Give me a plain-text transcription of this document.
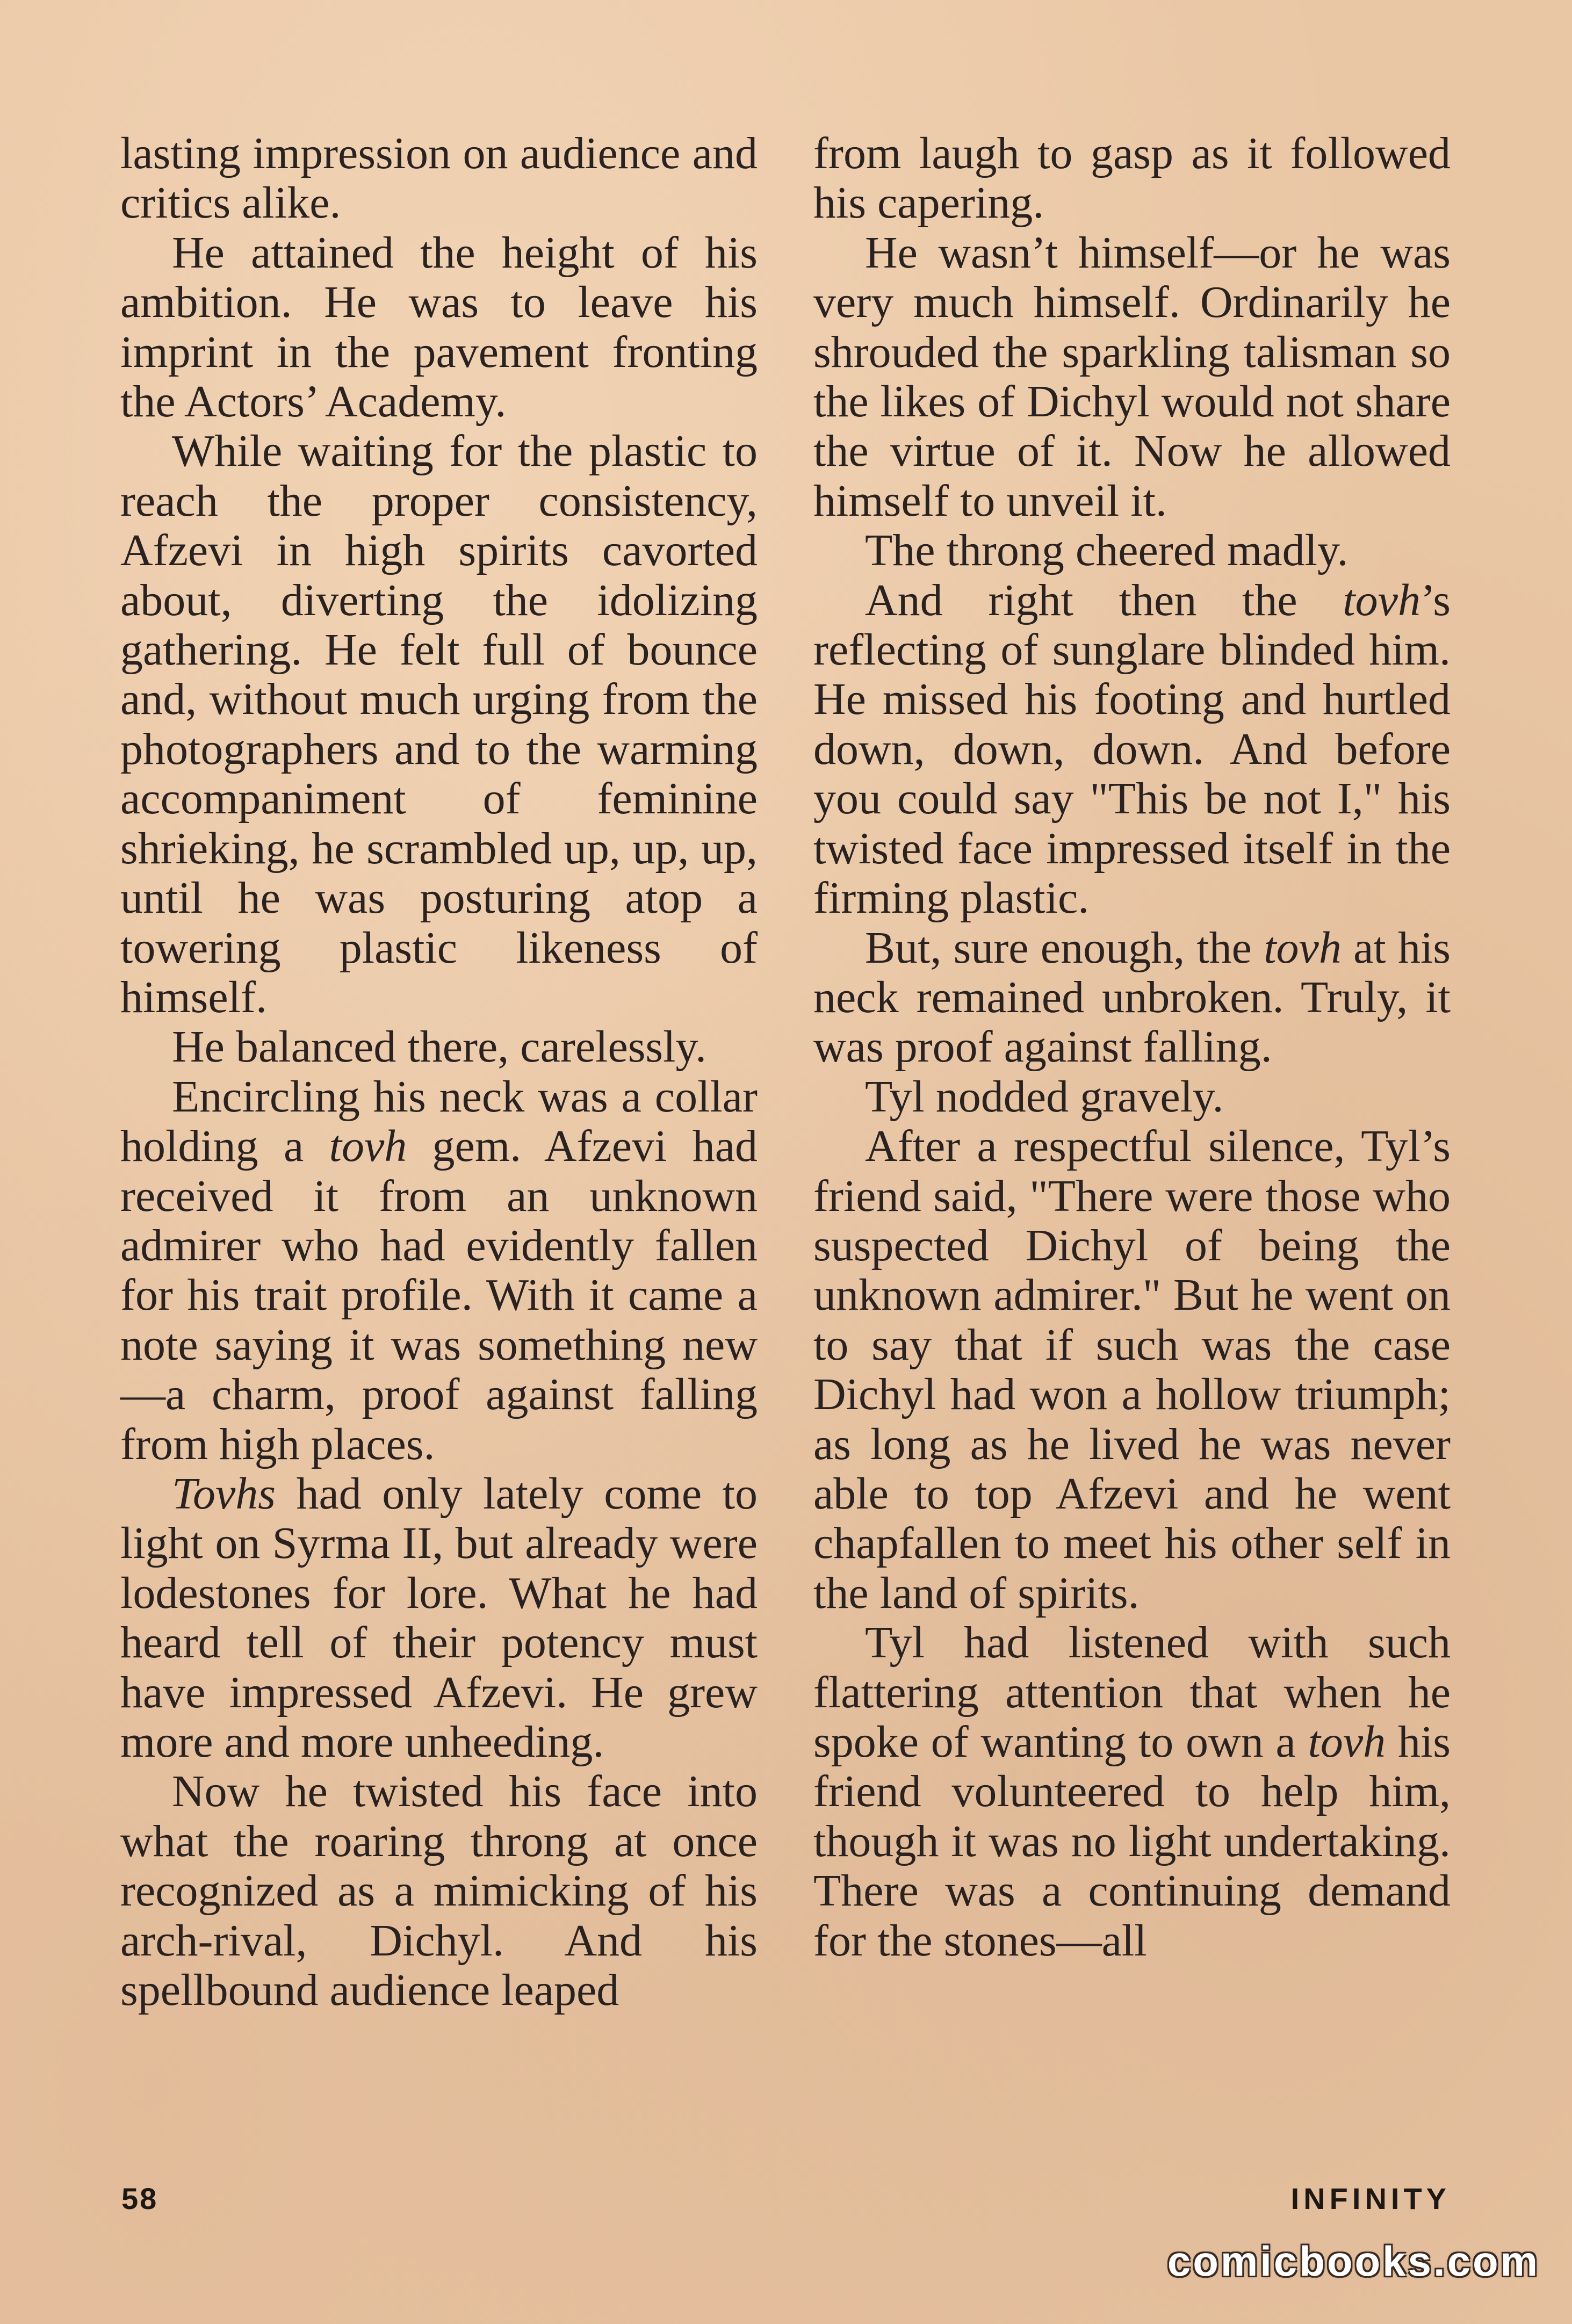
lasting impression on audience and critics alike.

He attained the height of his ambition. He was to leave his imprint in the pavement fronting the Actors’ Academy.

While waiting for the plastic to reach the proper consistency, Afzevi in high spirits cavorted about, diverting the idolizing gathering. He felt full of bounce and, without much urging from the photographers and to the warming accompaniment of feminine shrieking, he scrambled up, up, up, until he was posturing atop a towering plastic likeness of himself.

He balanced there, carelessly.

Encircling his neck was a collar holding a tovh gem. Afzevi had received it from an unknown admirer who had evidently fallen for his trait profile. With it came a note saying it was something new—a charm, proof against falling from high places.

Tovhs had only lately come to light on Syrma II, but already were lodestones for lore. What he had heard tell of their potency must have impressed Afzevi. He grew more and more unheeding.

Now he twisted his face into what the roaring throng at once recognized as a mimicking of his arch-rival, Dichyl. And his spellbound audience leaped

from laugh to gasp as it followed his capering.

He wasn’t himself—or he was very much himself. Ordinarily he shrouded the sparkling talisman so the likes of Dichyl would not share the virtue of it. Now he allowed himself to unveil it.

The throng cheered madly.

And right then the tovh’s reflecting of sunglare blinded him. He missed his footing and hurtled down, down, down. And before you could say "This be not I," his twisted face impressed itself in the firming plastic.

But, sure enough, the tovh at his neck remained unbroken. Truly, it was proof against falling.

Tyl nodded gravely.

After a respectful silence, Tyl’s friend said, "There were those who suspected Dichyl of being the unknown admirer." But he went on to say that if such was the case Dichyl had won a hollow triumph; as long as he lived he was never able to top Afzevi and he went chapfallen to meet his other self in the land of spirits.

Tyl had listened with such flattering attention that when he spoke of wanting to own a tovh his friend volunteered to help him, though it was no light undertaking. There was a continuing demand for the stones—all

58	INFINITY
comicbooks.com
